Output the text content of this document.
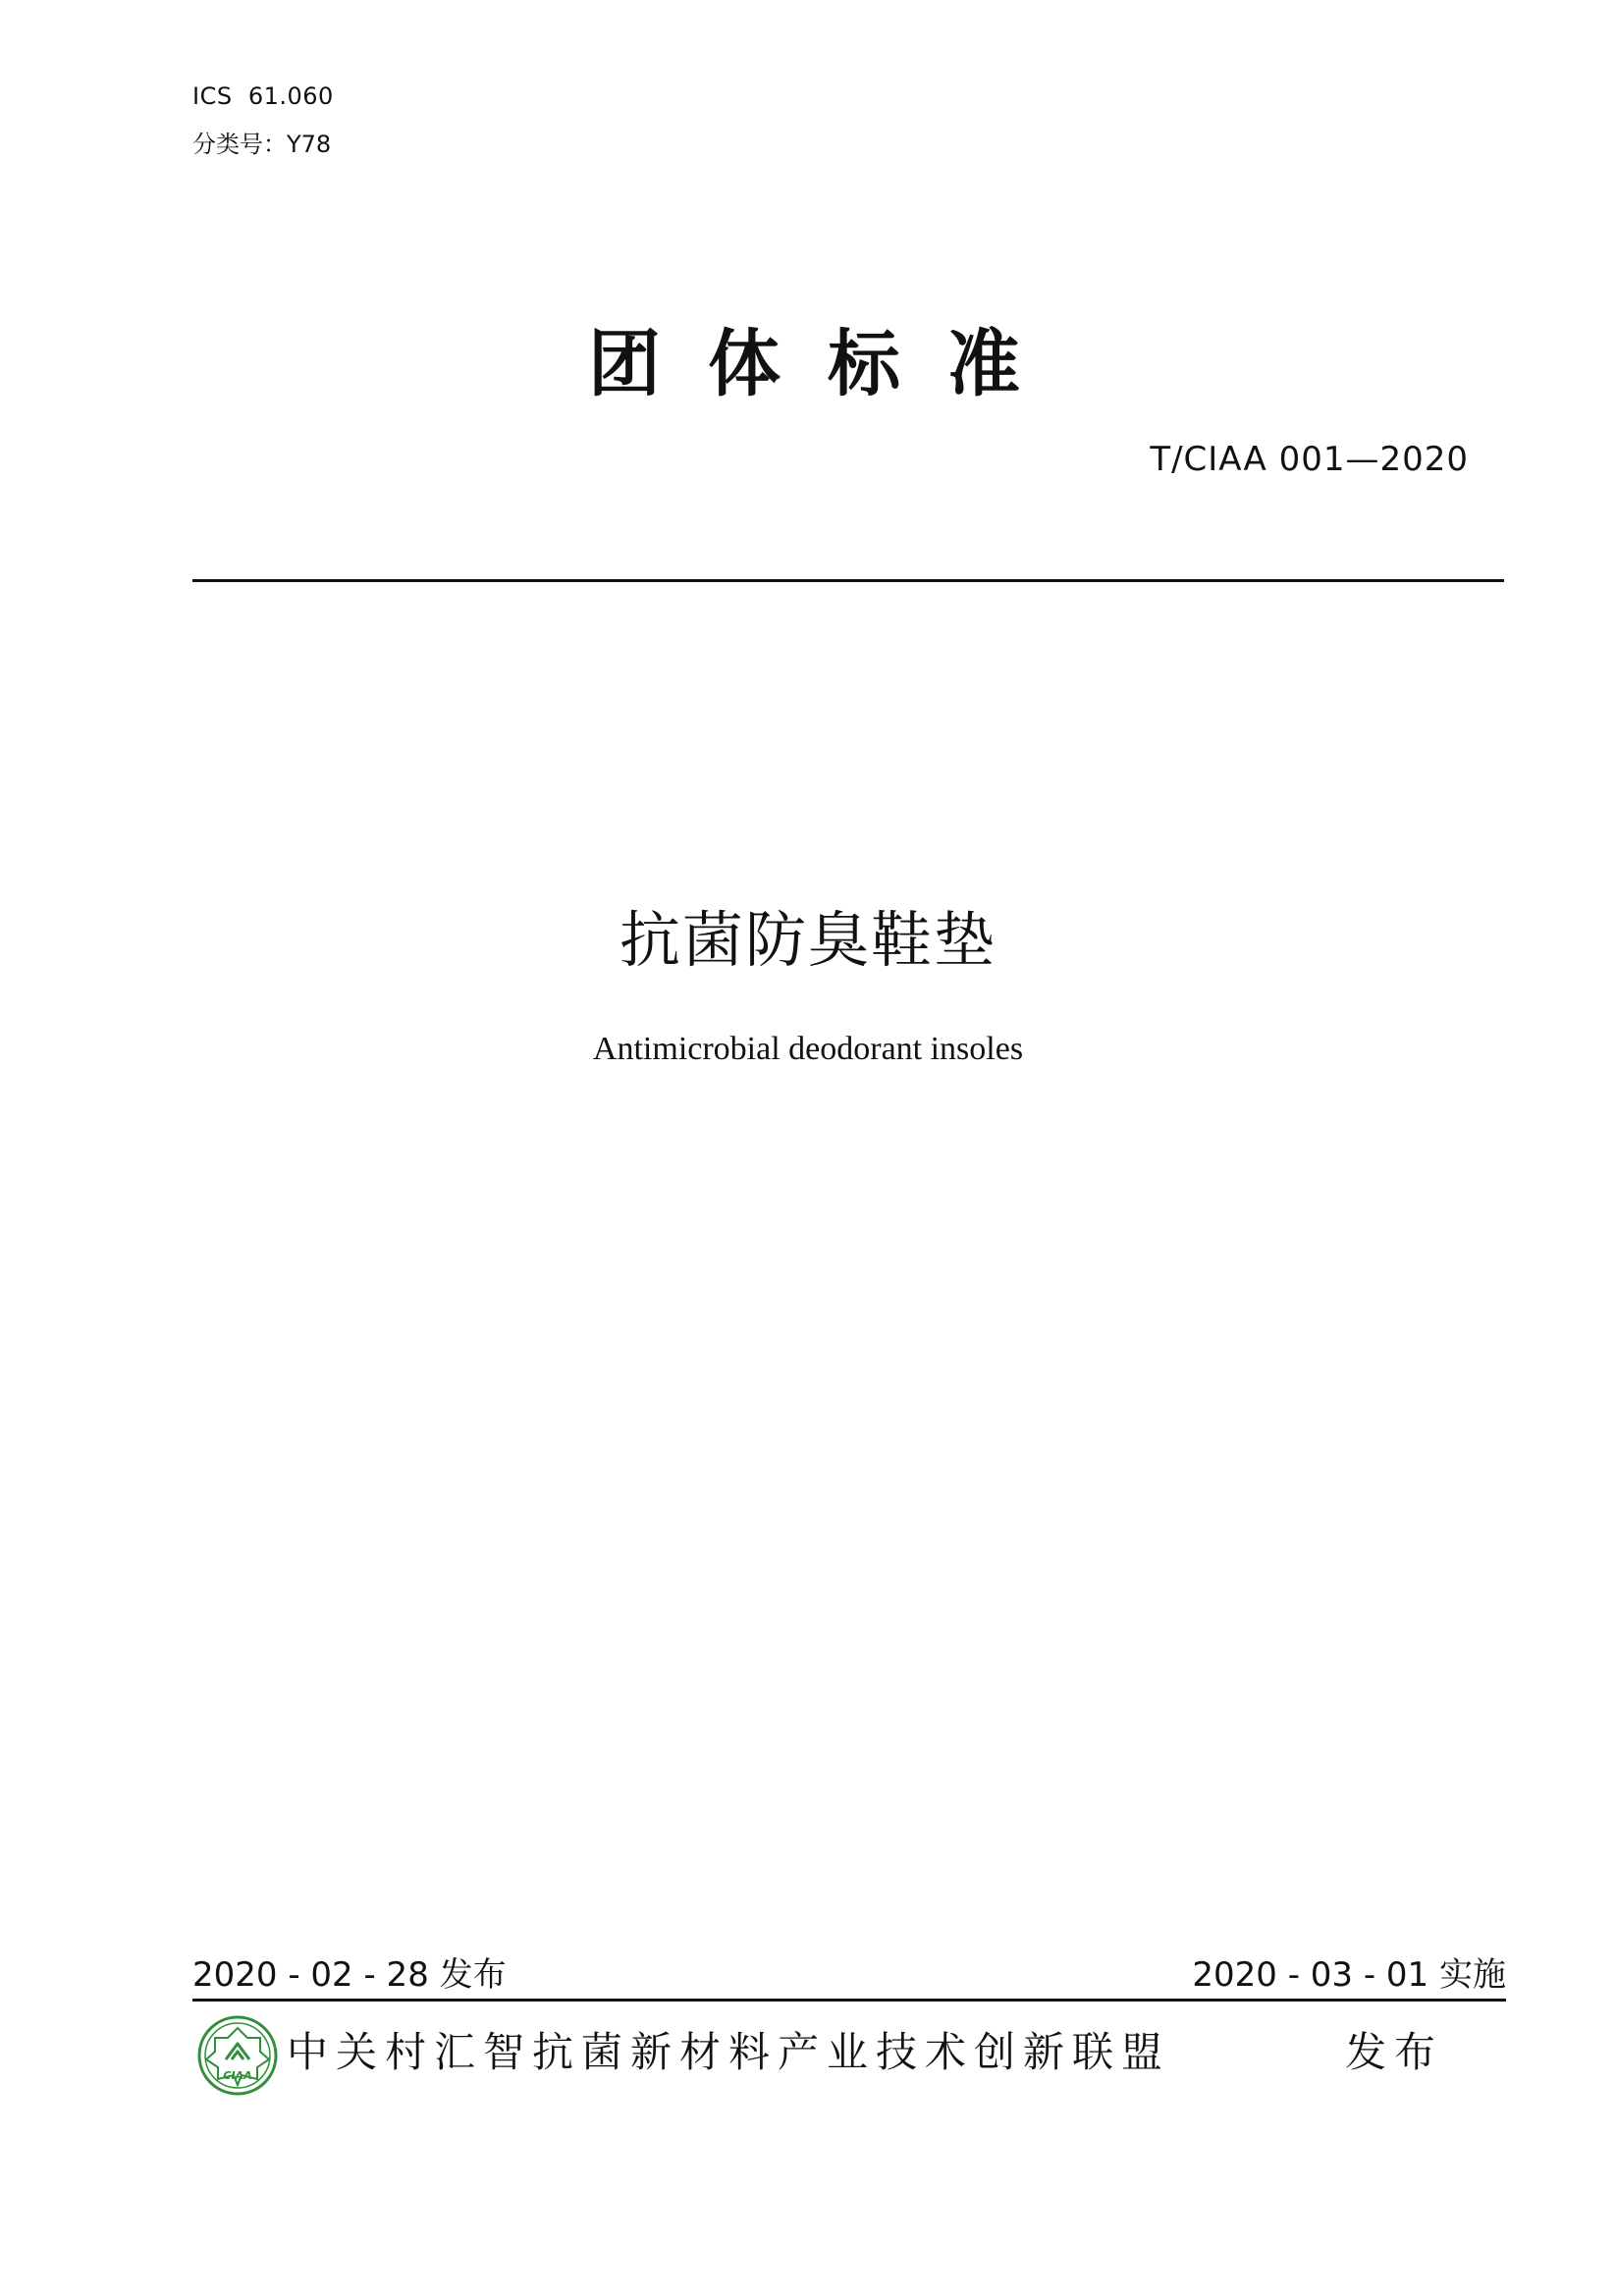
ICS  61.060
分类号：Y78
团体标准
T/CIAA 001—2020
抗菌防臭鞋垫
Antimicrobial deodorant insoles
2020 - 02 - 28 发布	2020 - 03 - 01 实施
CIAA 中关村汇智抗菌新材料产业技术创新联盟	发布
